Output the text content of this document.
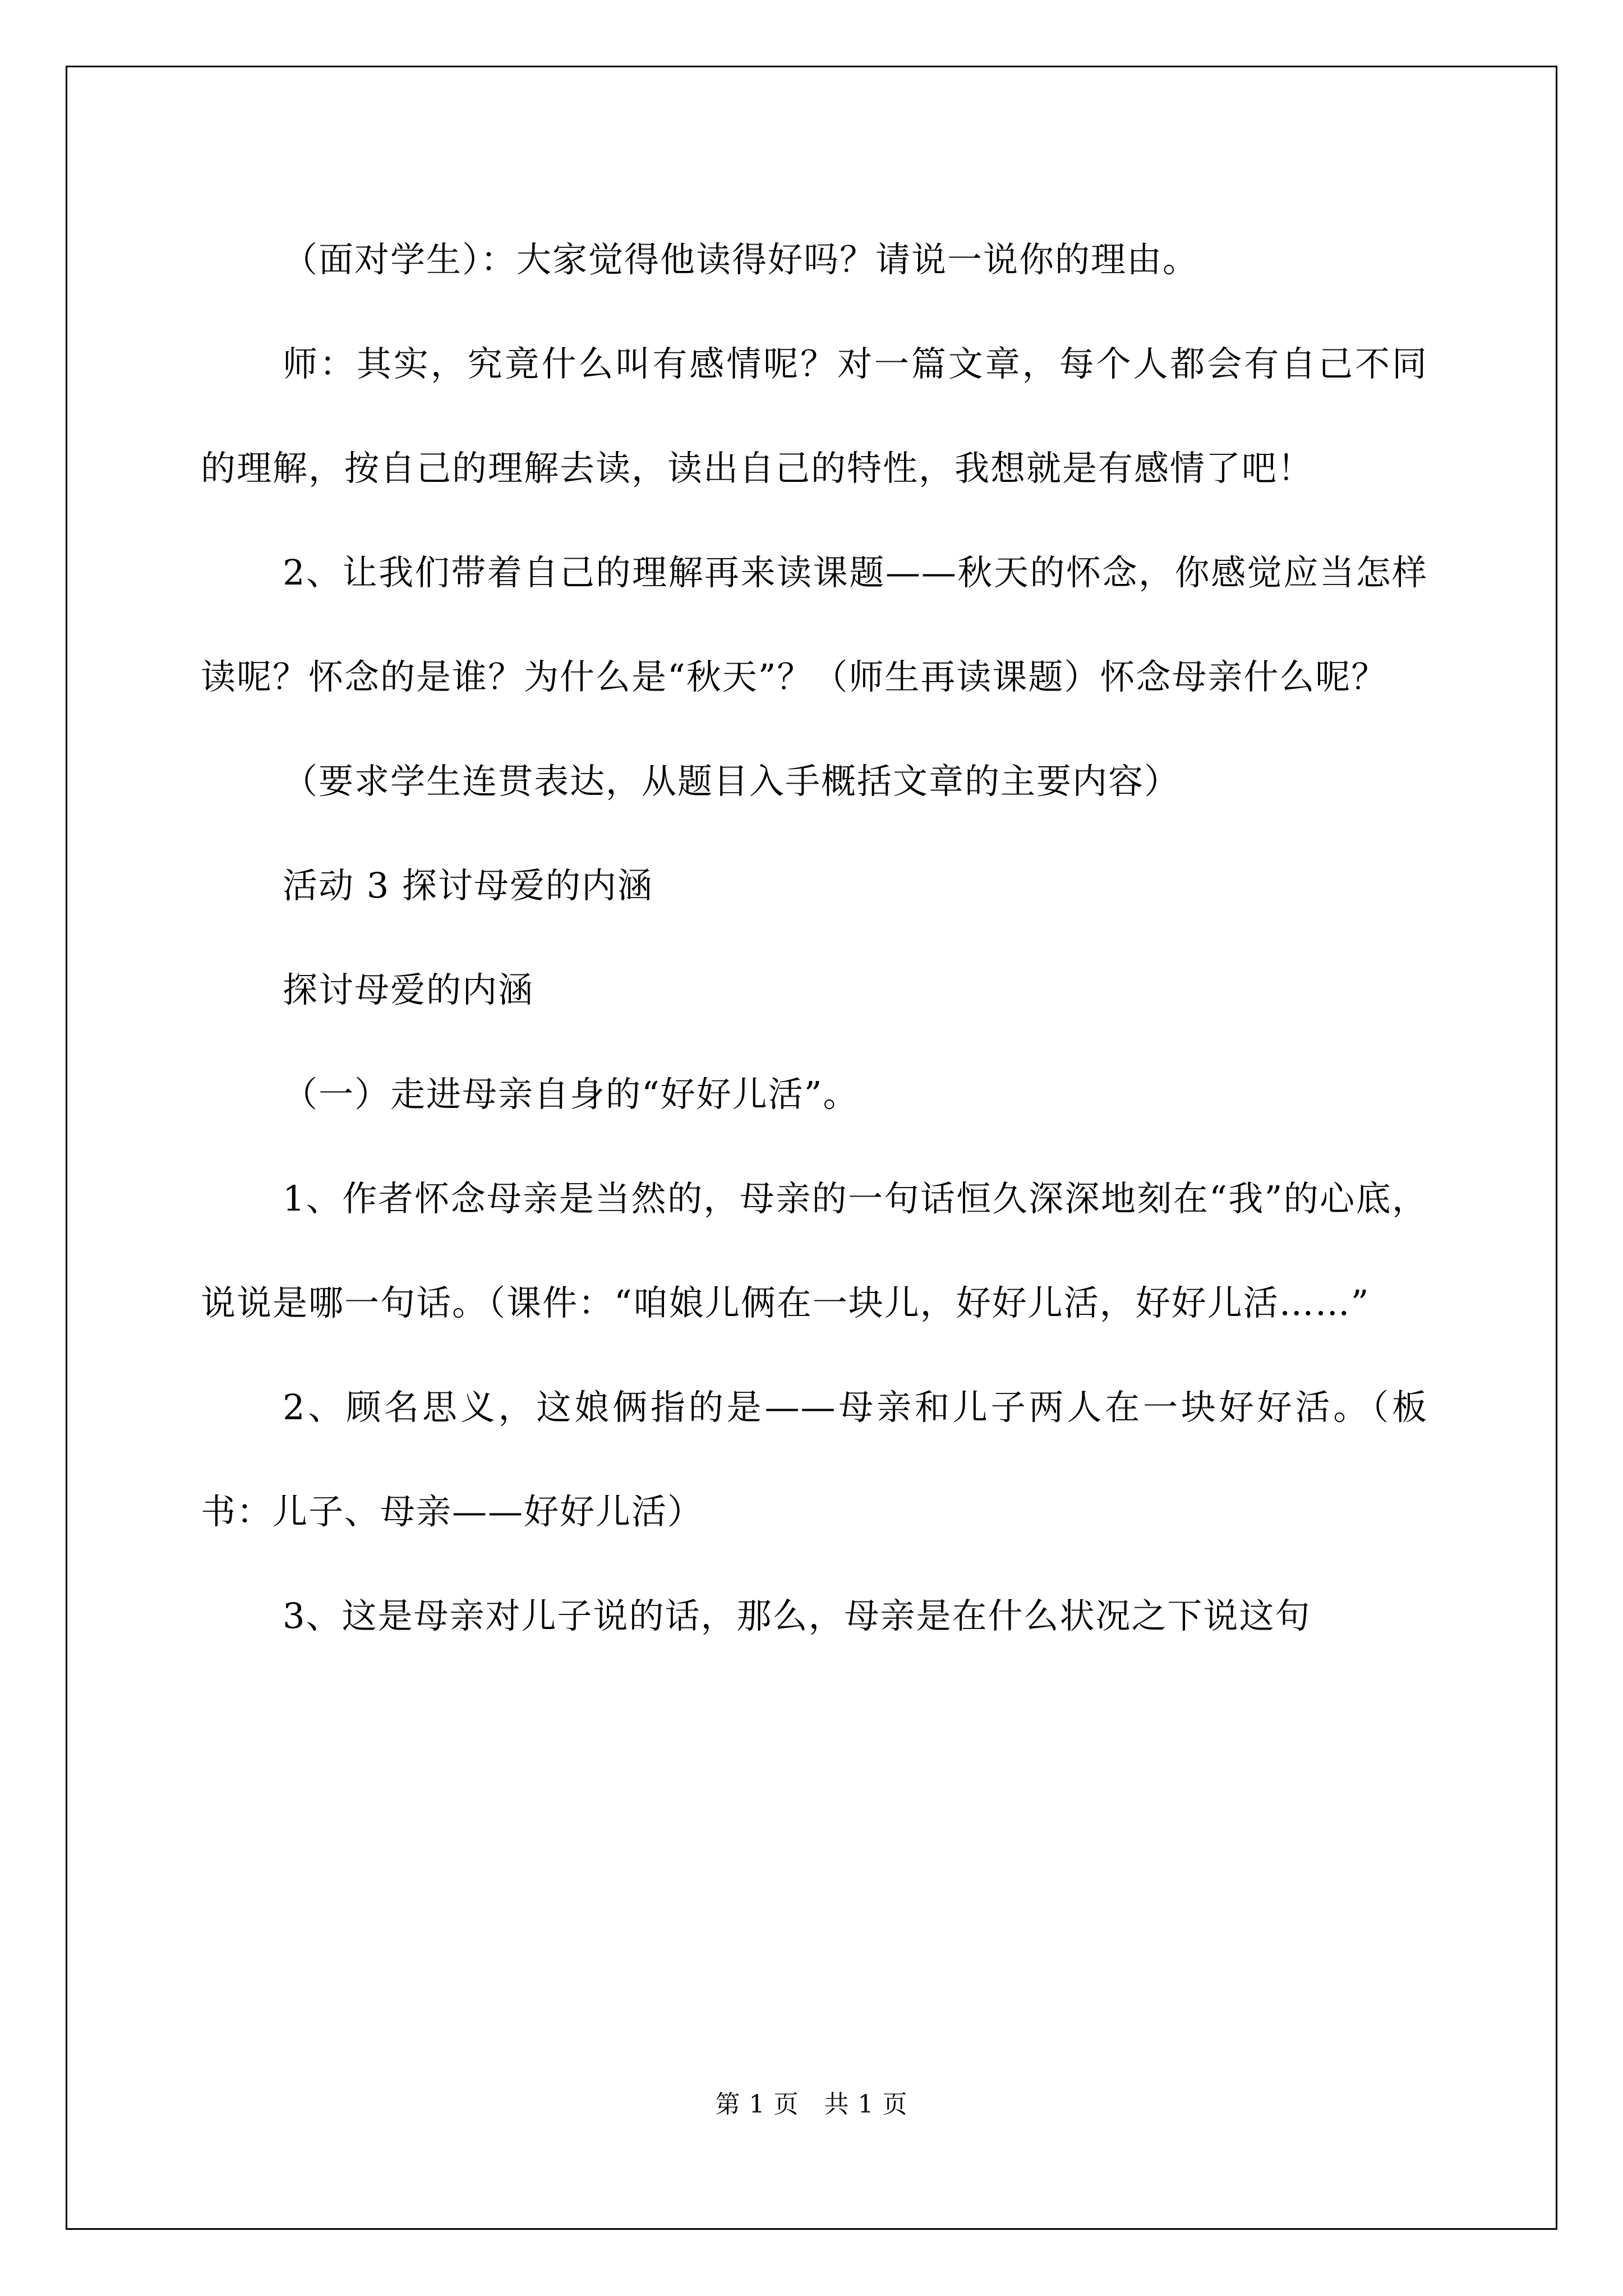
（面对学生）：大家觉得他读得好吗？请说一说你的理由。

师：其实，究竟什么叫有感情呢？对一篇文章，每个人都会有自己不同的理解，按自己的理解去读，读出自己的特性，我想就是有感情了吧！

2、让我们带着自己的理解再来读课题——秋天的怀念，你感觉应当怎样读呢？怀念的是谁？为什么是“秋天”？（师生再读课题）怀念母亲什么呢？

（要求学生连贯表达，从题目入手概括文章的主要内容）

活动 3 探讨母爱的内涵

探讨母爱的内涵

（一）走进母亲自身的“好好儿活”。

1、作者怀念母亲是当然的，母亲的一句话恒久深深地刻在“我”的心底，说说是哪一句话。（课件：“咱娘儿俩在一块儿，好好儿活，好好儿活……”

2、顾名思义，这娘俩指的是——母亲和儿子两人在一块好好活。（板书：儿子、母亲——好好儿活）

3、这是母亲对儿子说的话，那么，母亲是在什么状况之下说这句

第 1 页　共 1 页
